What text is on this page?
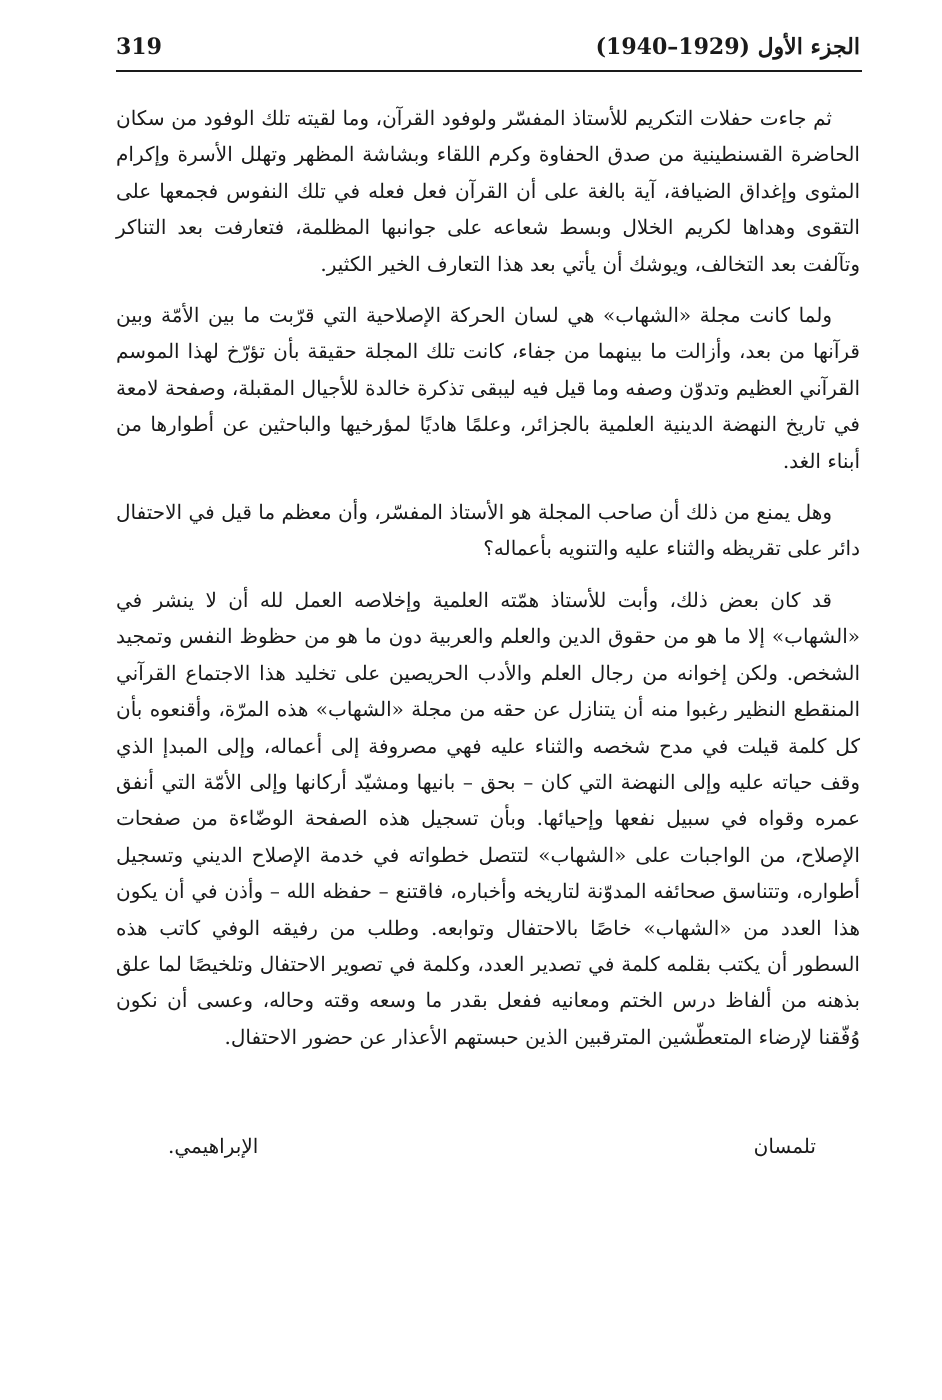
الجزء الأول (1929–1940)
319

ثم جاءت حفلات التكريم للأستاذ المفسّر ولوفود القرآن، وما لقيته تلك الوفود من سكان الحاضرة القسنطينية من صدق الحفاوة وكرم اللقاء وبشاشة المظهر وتهلل الأسرة وإكرام المثوى وإغداق الضيافة، آية بالغة على أن القرآن فعل فعله في تلك النفوس فجمعها على التقوى وهداها لكريم الخلال وبسط شعاعه على جوانبها المظلمة، فتعارفت بعد التناكر وتآلفت بعد التخالف، ويوشك أن يأتي بعد هذا التعارف الخير الكثير.

ولما كانت مجلة «الشهاب» هي لسان الحركة الإصلاحية التي قرّبت ما بين الأمّة وبين قرآنها من بعد، وأزالت ما بينهما من جفاء، كانت تلك المجلة حقيقة بأن تؤرّخ لهذا الموسم القرآني العظيم وتدوّن وصفه وما قيل فيه ليبقى تذكرة خالدة للأجيال المقبلة، وصفحة لامعة في تاريخ النهضة الدينية العلمية بالجزائر، وعلمًا هاديًا لمؤرخيها والباحثين عن أطوارها من أبناء الغد.

وهل يمنع من ذلك أن صاحب المجلة هو الأستاذ المفسّر، وأن معظم ما قيل في الاحتفال دائر على تقريظه والثناء عليه والتنويه بأعماله؟

قد كان بعض ذلك، وأبت للأستاذ همّته العلمية وإخلاصه العمل لله أن لا ينشر في «الشهاب» إلا ما هو من حقوق الدين والعلم والعربية دون ما هو من حظوظ النفس وتمجيد الشخص. ولكن إخوانه من رجال العلم والأدب الحريصين على تخليد هذا الاجتماع القرآني المنقطع النظير رغبوا منه أن يتنازل عن حقه من مجلة «الشهاب» هذه المرّة، وأقنعوه بأن كل كلمة قيلت في مدح شخصه والثناء عليه فهي مصروفة إلى أعماله، وإلى المبدإ الذي وقف حياته عليه وإلى النهضة التي كان – بحق – بانيها ومشيّد أركانها وإلى الأمّة التي أنفق عمره وقواه في سبيل نفعها وإحيائها. وبأن تسجيل هذه الصفحة الوضّاءة من صفحات الإصلاح، من الواجبات على «الشهاب» لتتصل خطواته في خدمة الإصلاح الديني وتسجيل أطواره، وتتناسق صحائفه المدوّنة لتاريخه وأخباره، فاقتنع – حفظه الله – وأذن في أن يكون هذا العدد من «الشهاب» خاصًا بالاحتفال وتوابعه. وطلب من رفيقه الوفي كاتب هذه السطور أن يكتب بقلمه كلمة في تصدير العدد، وكلمة في تصوير الاحتفال وتلخيصًا لما علق بذهنه من ألفاظ درس الختم ومعانيه ففعل بقدر ما وسعه وقته وحاله، وعسى أن نكون وُفّقنا لإرضاء المتعطّشين المترقبين الذين حبستهم الأعذار عن حضور الاحتفال.

تلمسان
الإبراهيمي.
